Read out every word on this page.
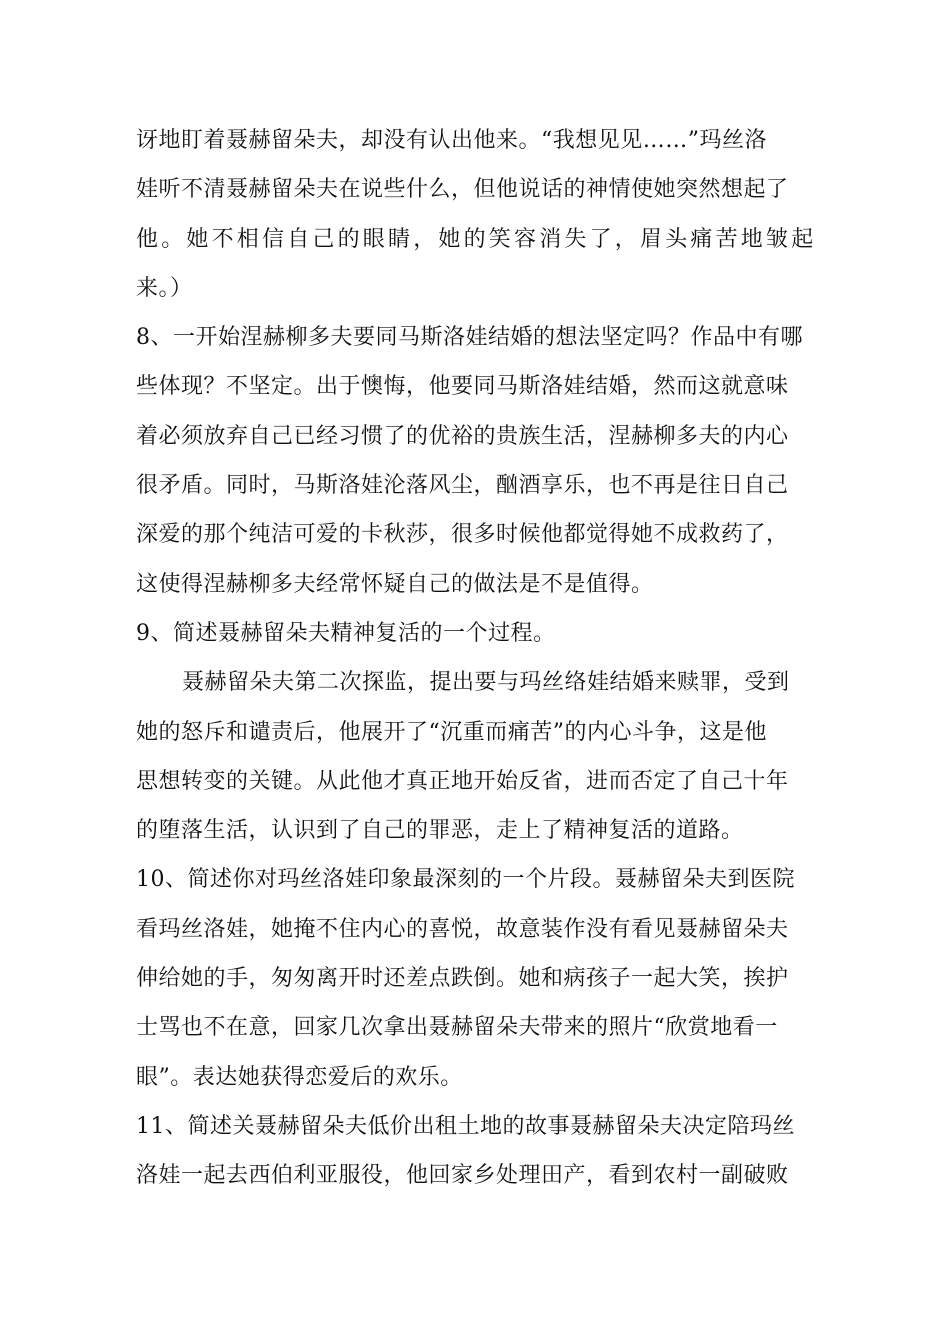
讶地盯着聂赫留朵夫，却没有认出他来。“我想见见……”玛丝洛
娃听不清聂赫留朵夫在说些什么，但他说话的神情使她突然想起了
他。她不相信自己的眼睛，她的笑容消失了，眉头痛苦地皱起
来。）
8、一开始涅赫柳多夫要同马斯洛娃结婚的想法坚定吗？作品中有哪
些体现？不坚定。出于懊悔，他要同马斯洛娃结婚，然而这就意味
着必须放弃自己已经习惯了的优裕的贵族生活，涅赫柳多夫的内心
很矛盾。同时，马斯洛娃沦落风尘，酗酒享乐，也不再是往日自己
深爱的那个纯洁可爱的卡秋莎，很多时候他都觉得她不成救药了，
这使得涅赫柳多夫经常怀疑自己的做法是不是值得。
9、简述聂赫留朵夫精神复活的一个过程。
聂赫留朵夫第二次探监，提出要与玛丝络娃结婚来赎罪，受到
她的怒斥和谴责后，他展开了“沉重而痛苦”的内心斗争，这是他
思想转变的关键。从此他才真正地开始反省，进而否定了自己十年
的堕落生活，认识到了自己的罪恶，走上了精神复活的道路。
10、简述你对玛丝洛娃印象最深刻的一个片段。聂赫留朵夫到医院
看玛丝洛娃，她掩不住内心的喜悦，故意装作没有看见聂赫留朵夫
伸给她的手，匆匆离开时还差点跌倒。她和病孩子一起大笑，挨护
士骂也不在意，回家几次拿出聂赫留朵夫带来的照片“欣赏地看一
眼”。表达她获得恋爱后的欢乐。
11、简述关聂赫留朵夫低价出租土地的故事聂赫留朵夫决定陪玛丝
洛娃一起去西伯利亚服役，他回家乡处理田产，看到农村一副破败
